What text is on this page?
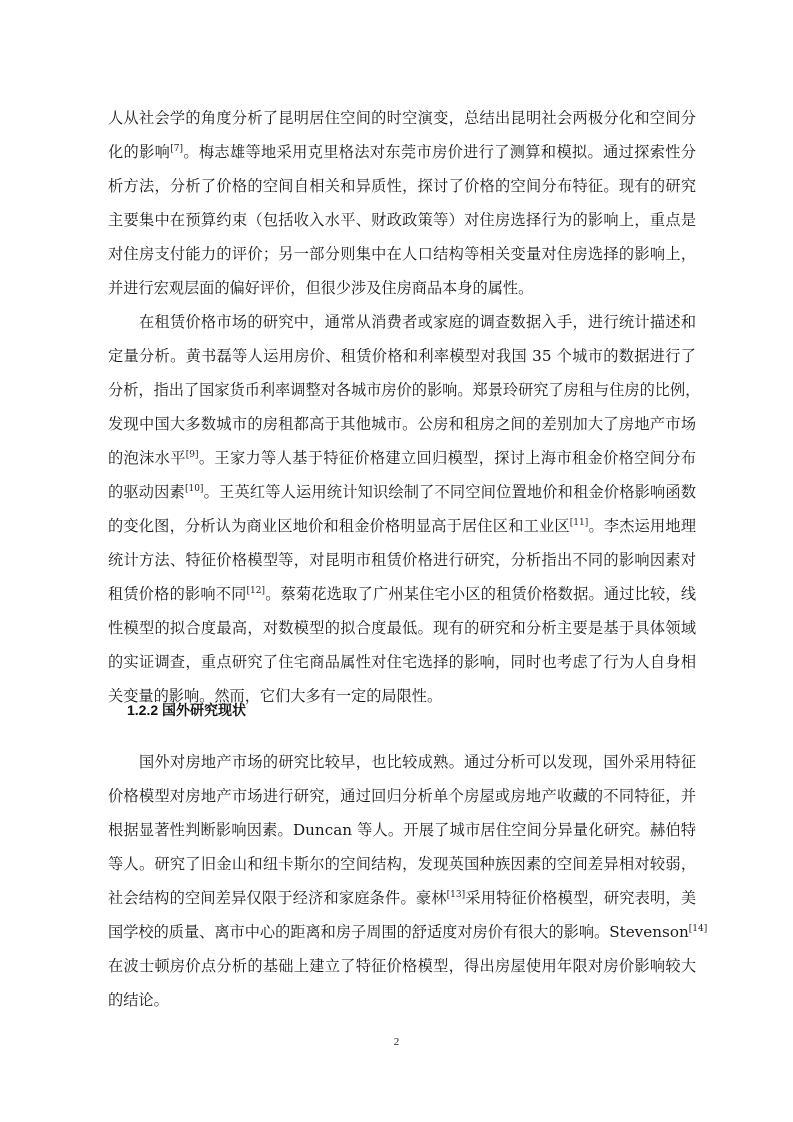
人从社会学的角度分析了昆明居住空间的时空演变，总结出昆明社会两极分化和空间分
化的影响[7]。梅志雄等地采用克里格法对东莞市房价进行了测算和模拟。通过探索性分
析方法，分析了价格的空间自相关和异质性，探讨了价格的空间分布特征。现有的研究
主要集中在预算约束（包括收入水平、财政政策等）对住房选择行为的影响上，重点是
对住房支付能力的评价；另一部分则集中在人口结构等相关变量对住房选择的影响上，
并进行宏观层面的偏好评价，但很少涉及住房商品本身的属性。
在租赁价格市场的研究中，通常从消费者或家庭的调查数据入手，进行统计描述和
定量分析。黄书磊等人运用房价、租赁价格和利率模型对我国 35 个城市的数据进行了
分析，指出了国家货币利率调整对各城市房价的影响。郑景玲研究了房租与住房的比例，
发现中国大多数城市的房租都高于其他城市。公房和租房之间的差别加大了房地产市场
的泡沫水平[9]。王家力等人基于特征价格建立回归模型，探讨上海市租金价格空间分布
的驱动因素[10]。王英红等人运用统计知识绘制了不同空间位置地价和租金价格影响函数
的变化图，分析认为商业区地价和租金价格明显高于居住区和工业区[11]。李杰运用地理
统计方法、特征价格模型等，对昆明市租赁价格进行研究，分析指出不同的影响因素对
租赁价格的影响不同[12]。蔡菊花选取了广州某住宅小区的租赁价格数据。通过比较，线
性模型的拟合度最高，对数模型的拟合度最低。现有的研究和分析主要是基于具体领域
的实证调查，重点研究了住宅商品属性对住宅选择的影响，同时也考虑了行为人自身相
关变量的影响。然而，它们大多有一定的局限性。
1.2.2 国外研究现状
国外对房地产市场的研究比较早，也比较成熟。通过分析可以发现，国外采用特征
价格模型对房地产市场进行研究，通过回归分析单个房屋或房地产收藏的不同特征，并
根据显著性判断影响因素。Duncan 等人。开展了城市居住空间分异量化研究。赫伯特
等人。研究了旧金山和纽卡斯尔的空间结构，发现英国种族因素的空间差异相对较弱，
社会结构的空间差异仅限于经济和家庭条件。豪林[13]采用特征价格模型，研究表明，美
国学校的质量、离市中心的距离和房子周围的舒适度对房价有很大的影响。Stevenson[14]
在波士顿房价点分析的基础上建立了特征价格模型，得出房屋使用年限对房价影响较大
的结论。
2
